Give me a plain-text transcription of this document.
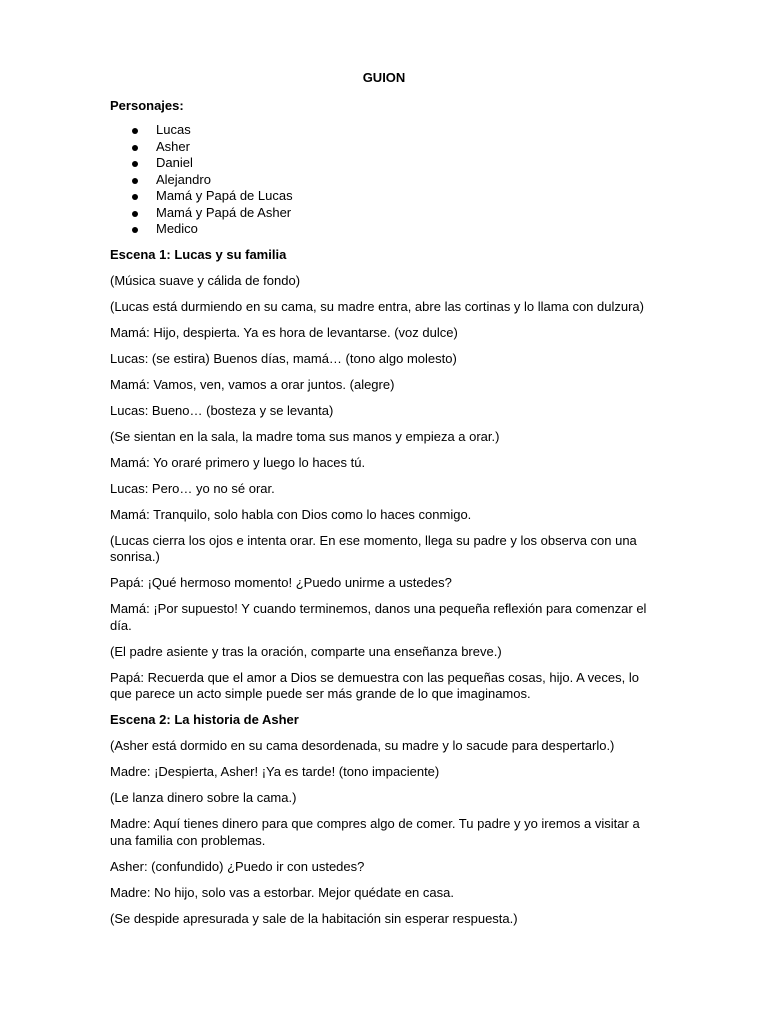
GUION
Personajes:
Lucas
Asher
Daniel
Alejandro
Mamá y Papá de Lucas
Mamá y Papá de Asher
Medico
Escena 1: Lucas y su familia
(Música suave y cálida de fondo)
(Lucas está durmiendo en su cama, su madre entra, abre las cortinas y lo llama con dulzura)
Mamá: Hijo, despierta. Ya es hora de levantarse. (voz dulce)
Lucas: (se estira) Buenos días, mamá… (tono algo molesto)
Mamá: Vamos, ven, vamos a orar juntos. (alegre)
Lucas: Bueno… (bosteza y se levanta)
(Se sientan en la sala, la madre toma sus manos y empieza a orar.)
Mamá: Yo oraré primero y luego lo haces tú.
Lucas: Pero… yo no sé orar.
Mamá: Tranquilo, solo habla con Dios como lo haces conmigo.
(Lucas cierra los ojos e intenta orar. En ese momento, llega su padre y los observa con una sonrisa.)
Papá: ¡Qué hermoso momento! ¿Puedo unirme a ustedes?
Mamá: ¡Por supuesto! Y cuando terminemos, danos una pequeña reflexión para comenzar el día.
(El padre asiente y tras la oración, comparte una enseñanza breve.)
Papá: Recuerda que el amor a Dios se demuestra con las pequeñas cosas, hijo. A veces, lo que parece un acto simple puede ser más grande de lo que imaginamos.
Escena 2: La historia de Asher
(Asher está dormido en su cama desordenada, su madre y lo sacude para despertarlo.)
Madre: ¡Despierta, Asher! ¡Ya es tarde! (tono impaciente)
(Le lanza dinero sobre la cama.)
Madre: Aquí tienes dinero para que compres algo de comer. Tu padre y yo iremos a visitar a una familia con problemas.
Asher: (confundido) ¿Puedo ir con ustedes?
Madre: No hijo, solo vas a estorbar. Mejor quédate en casa.
(Se despide apresurada y sale de la habitación sin esperar respuesta.)
